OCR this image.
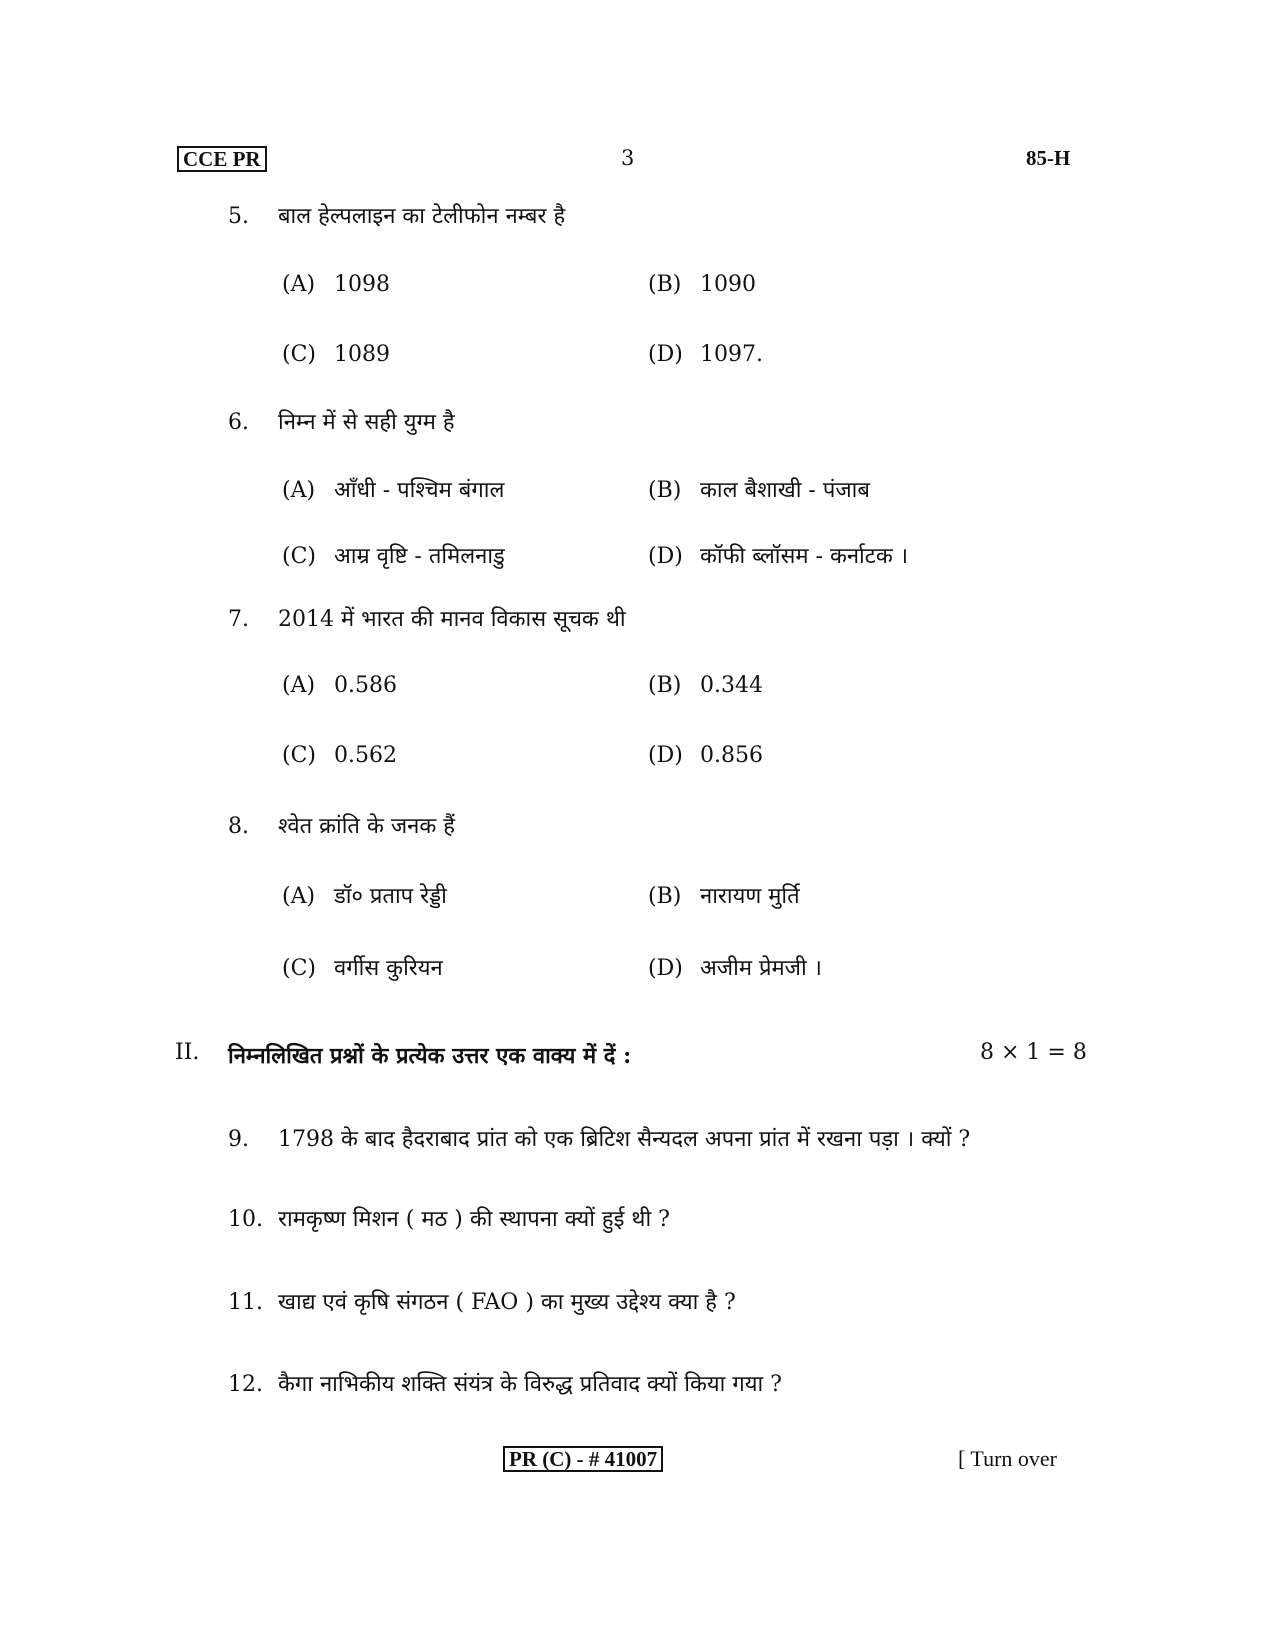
CCE PR	3	85-H
5. बाल हेल्पलाइन का टेलीफोन नम्बर है
(A) 1098	(B) 1090
(C) 1089	(D) 1097.
6. निम्न में से सही युग्म है
(A) आँधी - पश्चिम बंगाल	(B) काल बैशाखी - पंजाब
(C) आम्र वृष्टि - तमिलनाडु	(D) कॉफी ब्लॉसम - कर्नाटक ।
7. 2014 में भारत की मानव विकास सूचक थी
(A) 0.586	(B) 0.344
(C) 0.562	(D) 0.856
8. श्वेत क्रांति के जनक हैं
(A) डॉ० प्रताप रेड्डी	(B) नारायण मुर्ति
(C) वर्गीस कुरियन	(D) अजीम प्रेमजी ।
II. निम्नलिखित प्रश्नों के प्रत्येक उत्तर एक वाक्य में दें :	8 × 1 = 8
9. 1798 के बाद हैदराबाद प्रांत को एक ब्रिटिश सैन्यदल अपना प्रांत में रखना पड़ा । क्यों ?
10. रामकृष्ण मिशन ( मठ ) की स्थापना क्यों हुई थी ?
11. खाद्य एवं कृषि संगठन ( FAO ) का मुख्य उद्देश्य क्या है ?
12. कैगा नाभिकीय शक्ति संयंत्र के विरुद्ध प्रतिवाद क्यों किया गया ?
PR (C) - # 41007	[ Turn over
